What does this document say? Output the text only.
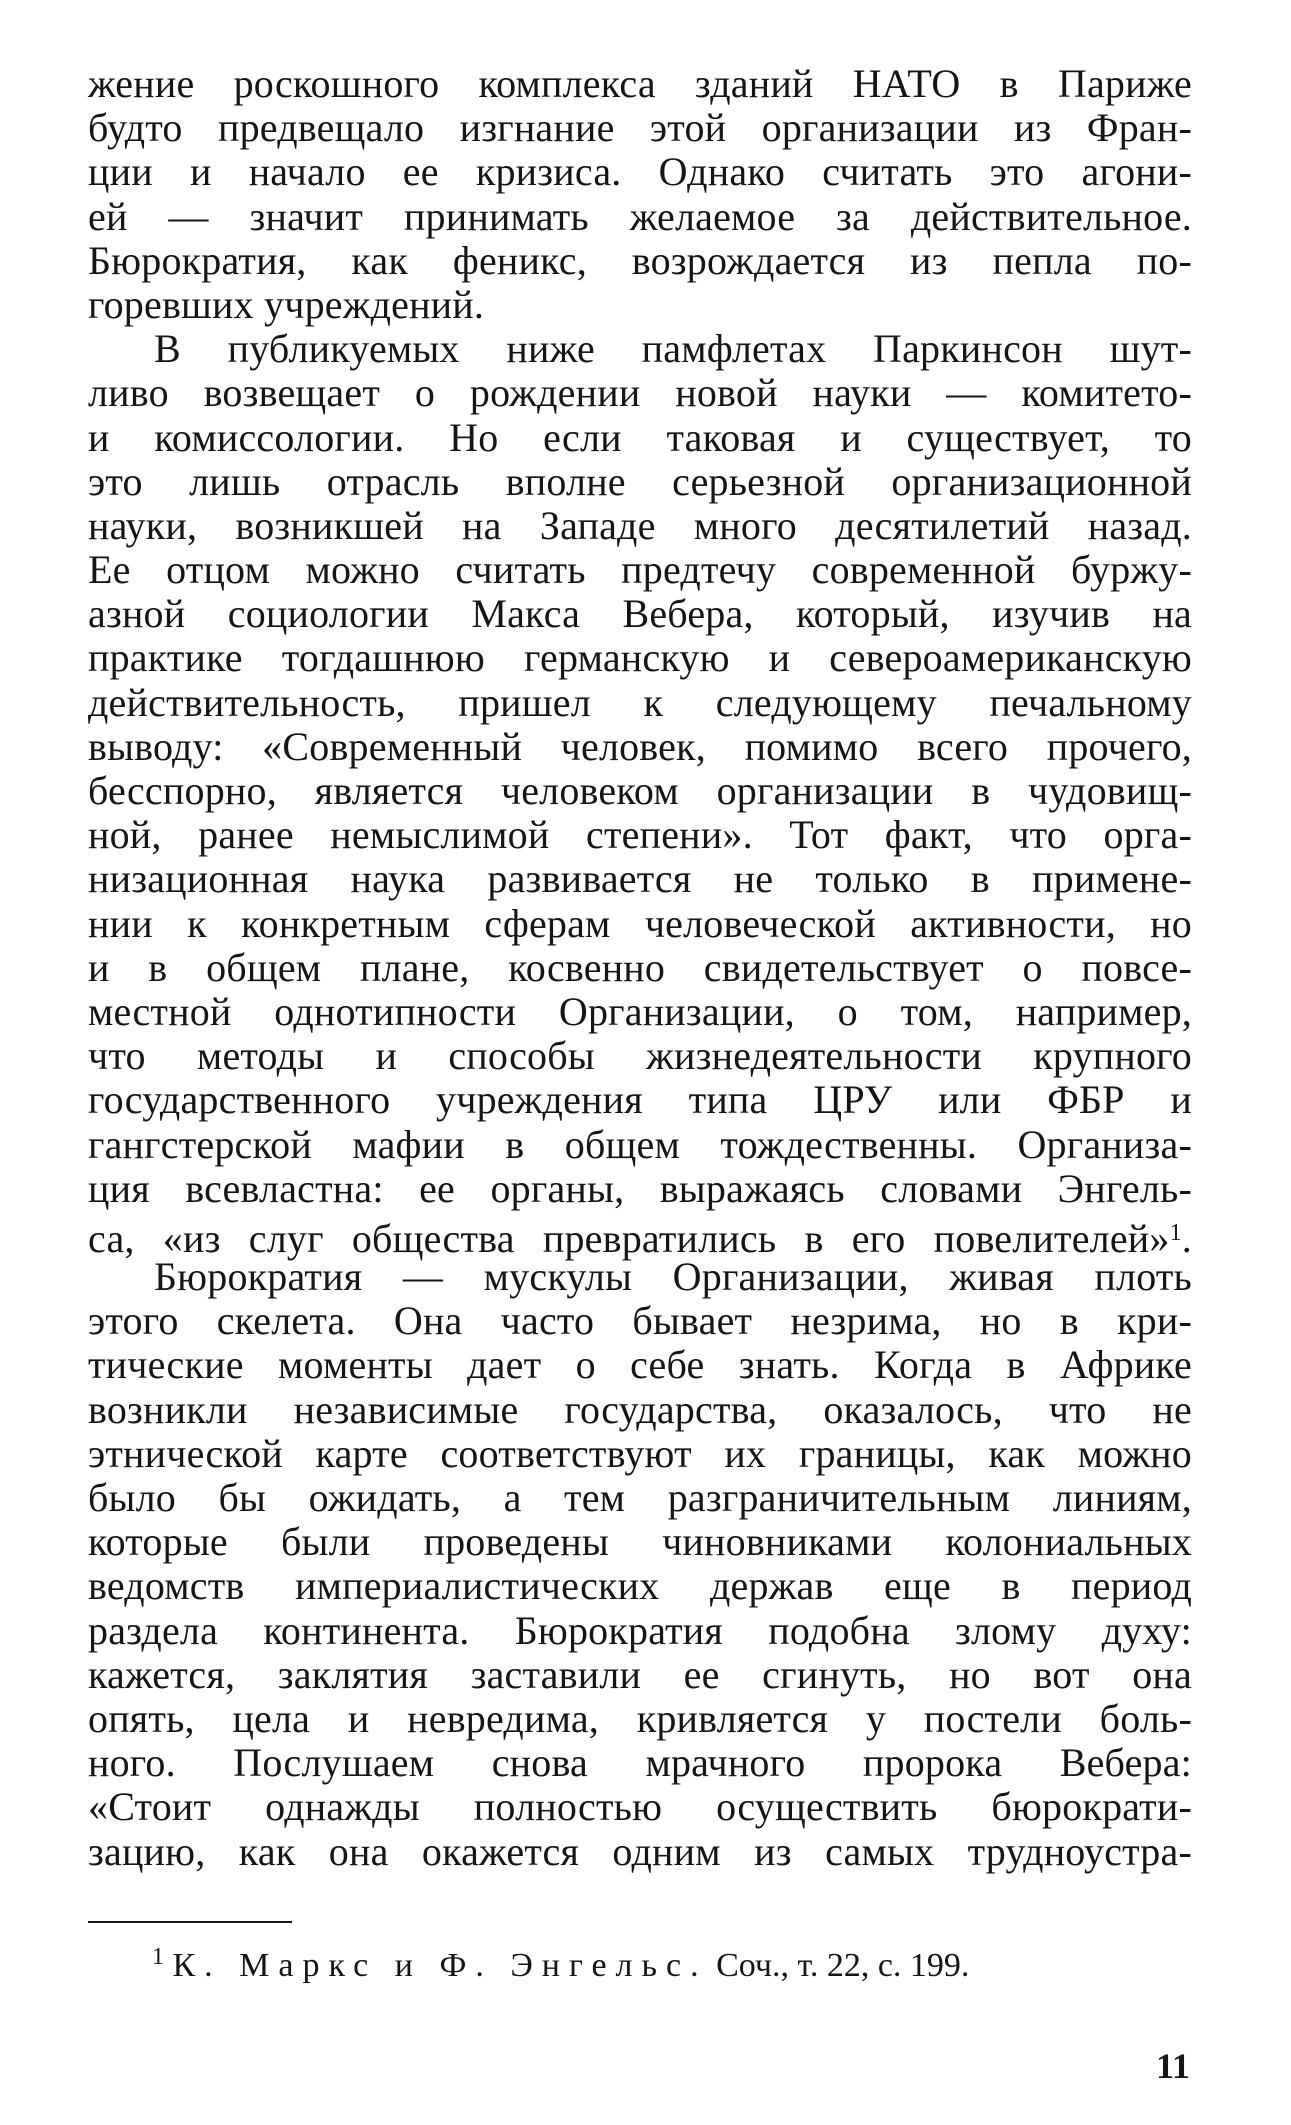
жение роскошного комплекса зданий НАТО в Париже
будто предвещало изгнание этой организации из Фран-
ции и начало ее кризиса. Однако считать это агони-
ей — значит принимать желаемое за действительное.
Бюрократия, как феникс, возрождается из пепла по-
горевших учреждений.
В публикуемых ниже памфлетах Паркинсон шут-
ливо возвещает о рождении новой науки — комитето-
и комиссологии. Но если таковая и существует, то
это лишь отрасль вполне серьезной организационной
науки, возникшей на Западе много десятилетий назад.
Ее отцом можно считать предтечу современной буржу-
азной социологии Макса Вебера, который, изучив на
практике тогдашнюю германскую и североамериканскую
действительность, пришел к следующему печальному
выводу: «Современный человек, помимо всего прочего,
бесспорно, является человеком организации в чудовищ-
ной, ранее немыслимой степени». Тот факт, что орга-
низационная наука развивается не только в примене-
нии к конкретным сферам человеческой активности, но
и в общем плане, косвенно свидетельствует о повсе-
местной однотипности Организации, о том, например,
что методы и способы жизнедеятельности крупного
государственного учреждения типа ЦРУ или ФБР и
гангстерской мафии в общем тождественны. Организа-
ция всевластна: ее органы, выражаясь словами Энгель-
са, «из слуг общества превратились в его повелителей»$^1$.
Бюрократия — мускулы Организации, живая плоть
этого скелета. Она часто бывает незрима, но в кри-
тические моменты дает о себе знать. Когда в Африке
возникли независимые государства, оказалось, что не
этнической карте соответствуют их границы, как можно
было бы ожидать, а тем разграничительным линиям,
которые были проведены чиновниками колониальных
ведомств империалистических держав еще в период
раздела континента. Бюрократия подобна злому духу:
кажется, заклятия заставили ее сгинуть, но вот она
опять, цела и невредима, кривляется у постели боль-
ного. Послушаем снова мрачного пророка Вебера:
«Стоит однажды полностью осуществить бюрократи-
зацию, как она окажется одним из самых трудноустра-
$^1$ К. Маркс и Ф. Энгельс. Соч., т. 22, с. 199.
11
